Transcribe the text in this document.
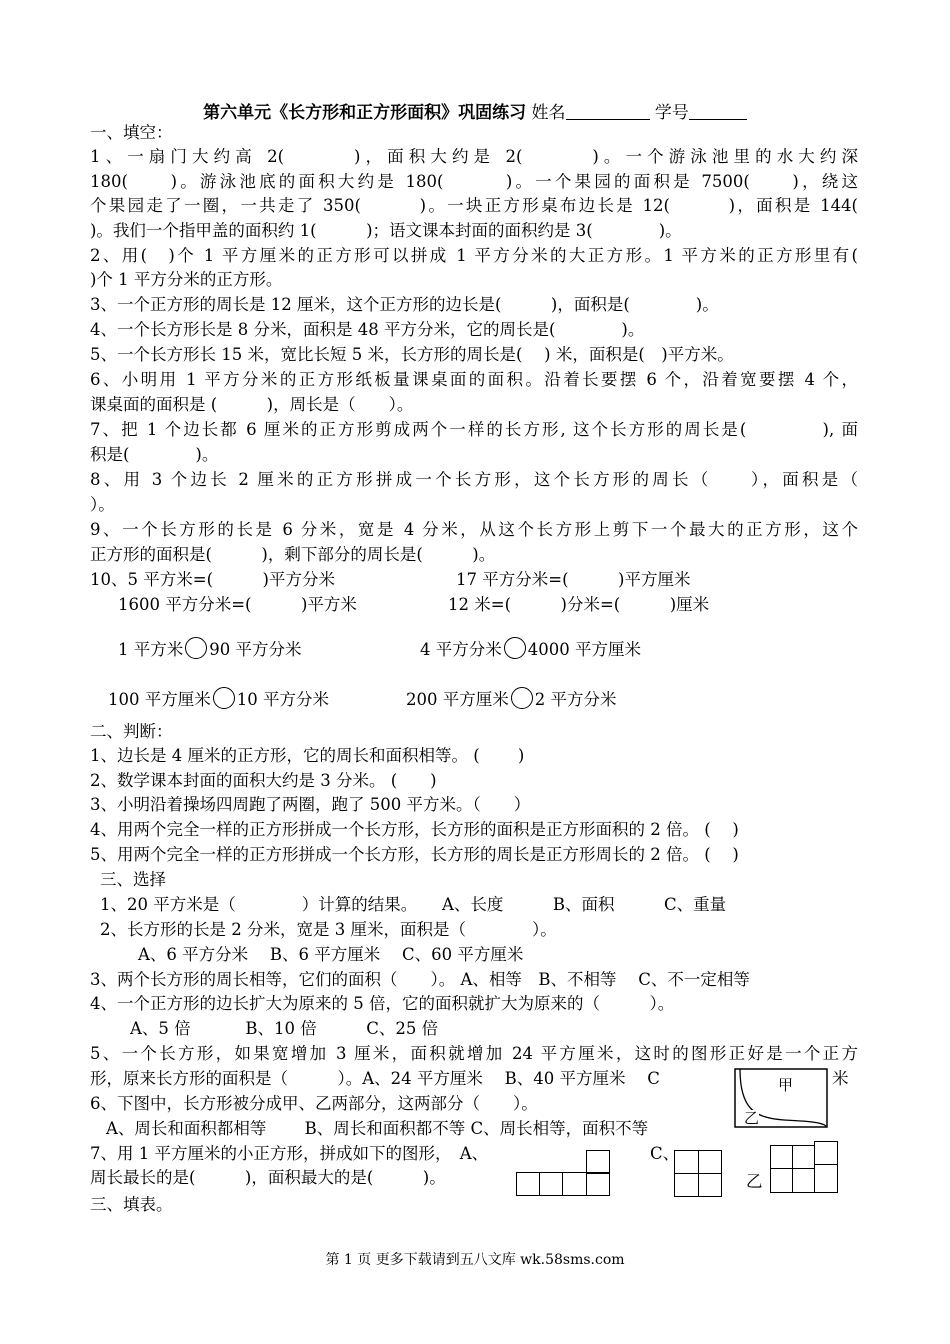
第六单元《长方形和正方形面积》巩固练习 姓名	学号
一、填空：
1、一扇门大约高 2(　　　)，面积大约是 2(　　　)。一个游泳池里的水大约深
180(　　)。游泳池底的面积大约是 180(　　　)。一个果园的面积是 7500(　　)，绕这
个果园走了一圈，一共走了 350(　　　)。一块正方形桌布边长是 12(　　　)，面积是 144(
)。我们一个指甲盖的面积约 1(　　　)；语文课本封面的面积约是 3(　　　　)。
2、用(　)个 1 平方厘米的正方形可以拼成 1 平方分米的大正方形。1 平方米的正方形里有(
)个 1 平方分米的正方形。
3、一个正方形的周长是 12 厘米，这个正方形的边长是(　　　)，面积是(　　　　)。
4、一个长方形长是 8 分米，面积是 48 平方分米，它的周长是(　　　　)。
5、一个长方形长 15 米，宽比长短 5 米，长方形的周长是(　 ) 米，面积是(　)平方米。
6、小明用 1 平方分米的正方形纸板量课桌面的面积。沿着长要摆 6 个，沿着宽要摆 4 个，
课桌面的面积是 (　　　)，周长是（　　）。
7、把 1 个边长都 6 厘米的正方形剪成两个一样的长方形, 这个长方形的周长是(　　　　), 面
积是(　　　　)。
8、用 3 个边长 2 厘米的正方形拼成一个长方形，这个长方形的周长（　　），面积是（
）。
9、一个长方形的长是 6 分米，宽是 4 分米，从这个长方形上剪下一个最大的正方形，这个
正方形的面积是(　　　)，剩下部分的周长是(　　　)。
10、5 平方米=(　　　)平方分米	17 平方分米=(　　　)平方厘米
1600 平方分米=(　　　)平方米	12 米=(　　　)分米=(　　　)厘米
1 平方米 90 平方分米	4 平方分米 4000 平方厘米
100 平方厘米 10 平方分米	200 平方厘米 2 平方分米
二、判断：
1、边长是 4 厘米的正方形，它的周长和面积相等。 (　　 )
2、数学课本封面的面积大约是 3 分米。 (　　)
3、小明沿着操场四周跑了两圈，跑了 500 平方米。（　　）
4、用两个完全一样的正方形拼成一个长方形，长方形的面积是正方形面积的 2 倍。 (　 )
5、用两个完全一样的正方形拼成一个长方形，长方形的周长是正方形周长的 2 倍。 (　 )
三、选择
1、20 平方米是（　　　　）计算的结果。　　A、长度　　　B、面积　　　C、重量
2、长方形的长是 2 分米，宽是 3 厘米，面积是（　　　　）。
A、6 平方分米　 B、6 平方厘米　 C、60 平方厘米
3、两个长方形的周长相等，它们的面积（　　）。 A、相等　B、不相等　 C、不一定相等
4、一个正方形的边长扩大为原来的 5 倍，它的面积就扩大为原来的（　　　）。
A、5 倍　　　 B、10 倍　　　C、25 倍
5、一个长方形，如果宽增加 3 厘米，面积就增加 24 平方厘米，这时的图形正好是一个正方
形，原来长方形的面积是（　　　）。A、24 平方厘米　 B、40 平方厘米　 C	米
6、下图中，长方形被分成甲、乙两部分，这两部分（　　）。
A、周长和面积都相等　　 B、周长和面积都不等 C、周长相等，面积不等
7、用 1 平方厘米的小正方形，拼成如下的图形，　A、
周长最长的是(　　　)，面积最大的是(　　　)。
C、
乙
三、填表。
甲
乙
第 1 页 更多下载请到五八文库 wk.58sms.com
